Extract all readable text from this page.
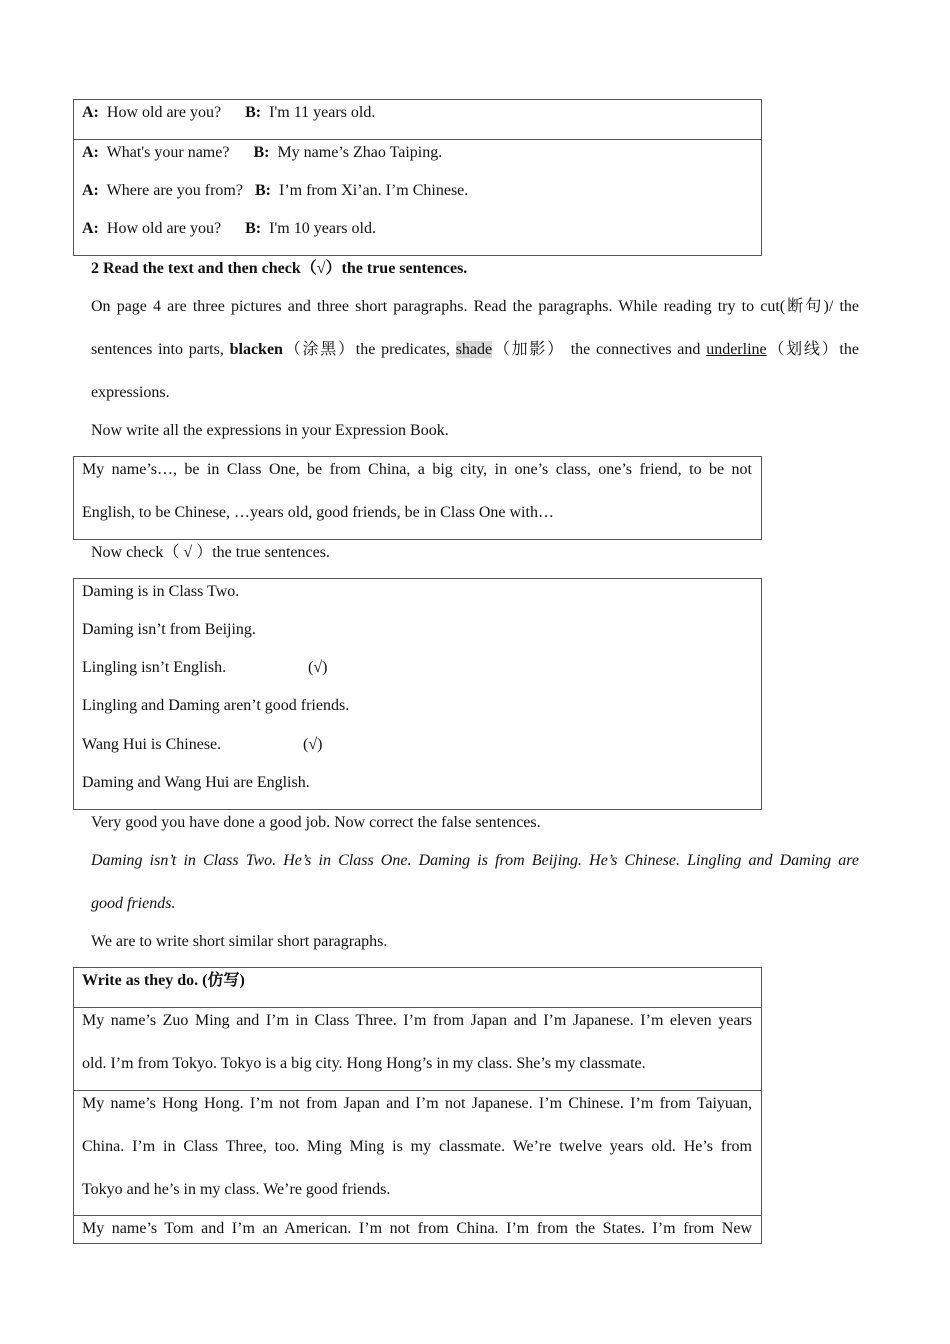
A: How old are you? B: I'm 11 years old.
A: What's your name? B: My name’s Zhao Taiping.
A: Where are you from? B: I’m from Xi’an. I’m Chinese.
A: How old are you? B: I'm 10 years old.
2 Read the text and then check（√）the true sentences.
On page 4 are three pictures and three short paragraphs. Read the paragraphs. While reading try to cut(断句)/ the
sentences into parts, blacken（涂黑）the predicates, shade（加影） the connectives and underline（划线）the
expressions.
Now write all the expressions in your Expression Book.
My name’s…, be in Class One, be from China, a big city, in one’s class, one’s friend, to be not
English, to be Chinese, …years old, good friends, be in Class One with…
Now check（ √ ）the true sentences.
Daming is in Class Two.
Daming isn’t from Beijing.
Lingling isn’t English.	(√)
Lingling and Daming aren’t good friends.
Wang Hui is Chinese.	(√)
Daming and Wang Hui are English.
Very good you have done a good job. Now correct the false sentences.
Daming isn’t in Class Two. He’s in Class One. Daming is from Beijing. He’s Chinese. Lingling and Daming are
good friends.
We are to write short similar short paragraphs.
Write as they do. (仿写)
My name’s Zuo Ming and I’m in Class Three. I’m from Japan and I’m Japanese. I’m eleven years
old. I’m from Tokyo. Tokyo is a big city. Hong Hong’s in my class. She’s my classmate.
My name’s Hong Hong. I’m not from Japan and I’m not Japanese. I’m Chinese. I’m from Taiyuan,
China. I’m in Class Three, too. Ming Ming is my classmate. We’re twelve years old. He’s from
Tokyo and he’s in my class. We’re good friends.
My name’s Tom and I’m an American. I’m not from China. I’m from the States. I’m from New
